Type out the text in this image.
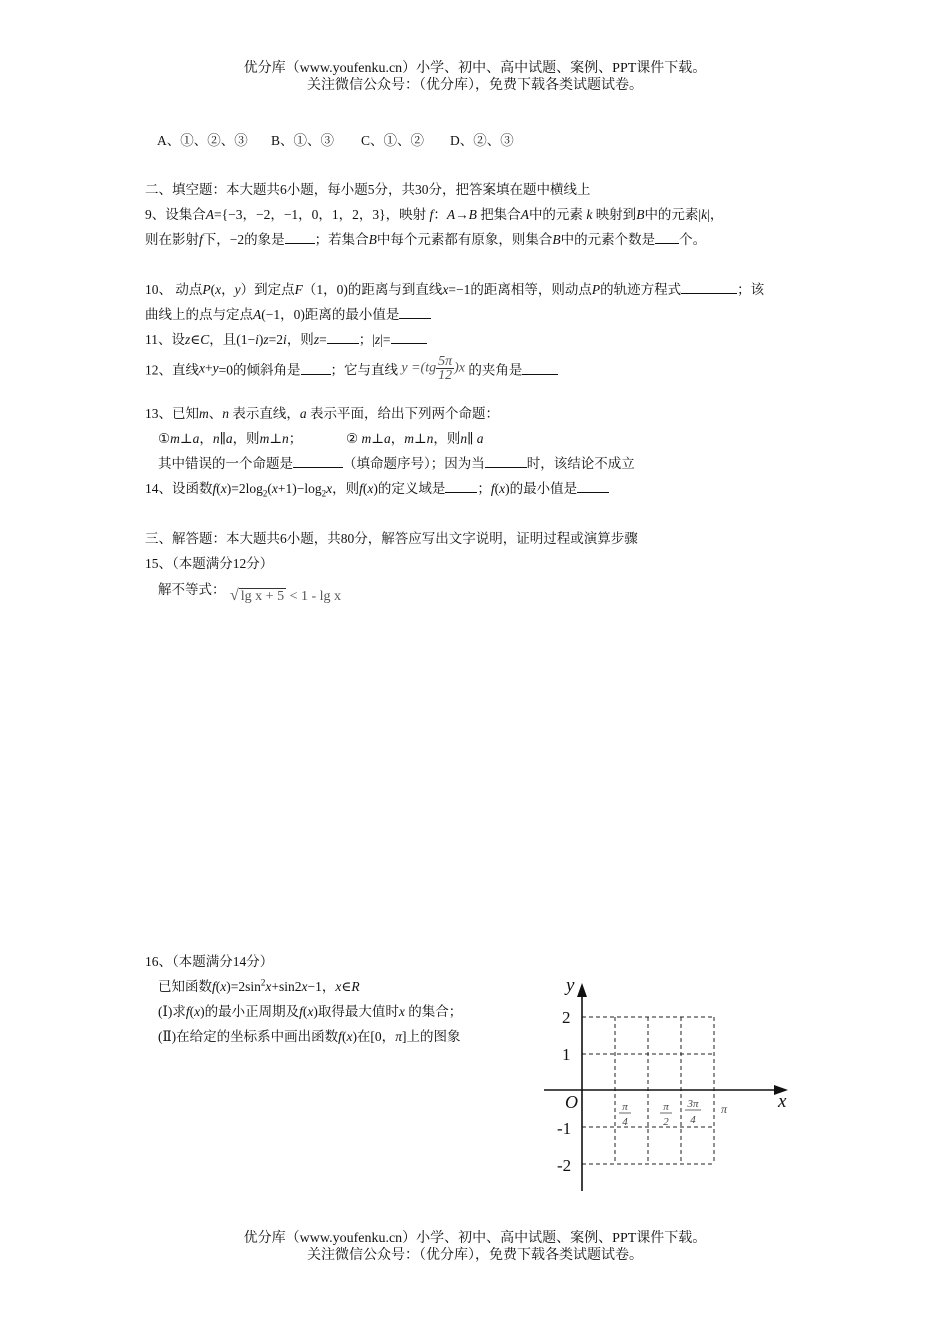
优分库（www.youfenku.cn）小学、初中、高中试题、案例、PPT课件下载。
关注微信公众号：（优分库），免费下载各类试题试卷。
A、①、②、③ B、①、③ C、①、② D、②、③
二、填空题：本大题共6小题，每小题5分，共30分，把答案填在题中横线上
9、设集合A={−3，−2，−1，0，1，2，3}，映射 f：A→B 把集合A中的元素 k 映射到B中的元素|k|，
则在影射f下，−2的象是 ；若集合B中每个元素都有原象，则集合B中的元素个数是 个。
10、 动点P(x，y）到定点F（1，0)的距离与到直线x=−1的距离相等，则动点P的轨迹方程式	；该
曲线上的点与定点A(−1，0)距离的最小值是
11、设z∈C，且(1−i)z=2i，则z= ；|z|=
12、直线x+y=0的倾斜角是 ；它与直线 $y =(tg \frac{5\pi}{12} )x$ 的夹角是
13、已知m、n 表示直线，a 表示平面，给出下列两个命题：
①m⊥a，n∥a，则m⊥n；	② m⊥a，m⊥n，则n∥ a
其中错误的一个命题是	（填命题序号）；因为当	时，该结论不成立
14、设函数$f(x)=2\log_2(x+1)-\log_2x$，则f(x)的定义域是 ；f(x)的最小值是
三、解答题：本大题共6小题，共80分，解答应写出文字说明，证明过程或演算步骤
15、（本题满分12分）
解不等式： √ lg x + 5 < 1 - lg x
16、（本题满分14分）
已知函数$f(x)=2\sin^2x+\sin 2x-1$，x∈R
(Ⅰ)求f(x)的最小正周期及f(x)取得最大值时x 的集合；
(Ⅱ)在给定的坐标系中画出函数f(x)在[0，π]上的图象
y
x
O
2
1
-1
-2
π
4
π
2
3π
4
π
优分库（www.youfenku.cn）小学、初中、高中试题、案例、PPT课件下载。
关注微信公众号：（优分库），免费下载各类试题试卷。
